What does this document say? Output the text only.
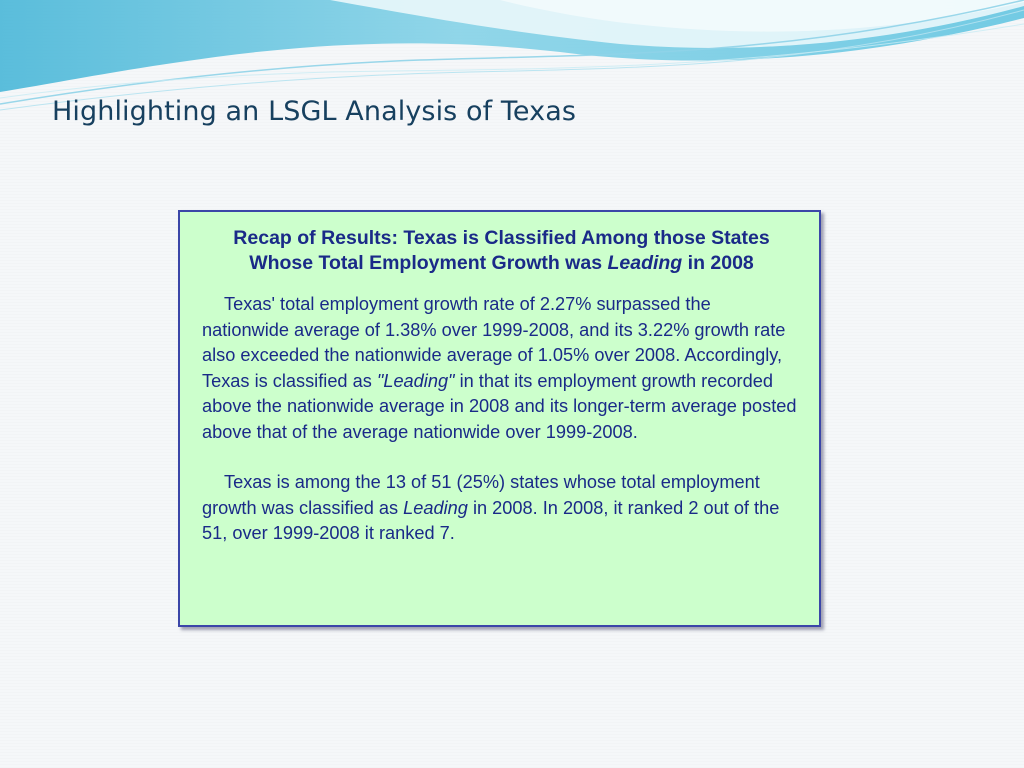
Highlighting an LSGL Analysis of Texas
Recap of Results: Texas is Classified Among those States Whose Total Employment Growth was Leading in 2008

Texas' total employment growth rate of 2.27% surpassed the nationwide average of 1.38% over 1999-2008, and its 3.22% growth rate also exceeded the nationwide average of 1.05% over 2008. Accordingly, Texas is classified as "Leading" in that its employment growth recorded above the nationwide average in 2008 and its longer-term average posted above that of the average nationwide over 1999-2008.

Texas is among the 13 of 51 (25%) states whose total employment growth was classified as Leading in 2008. In 2008, it ranked 2 out of the 51, over 1999-2008 it ranked 7.
